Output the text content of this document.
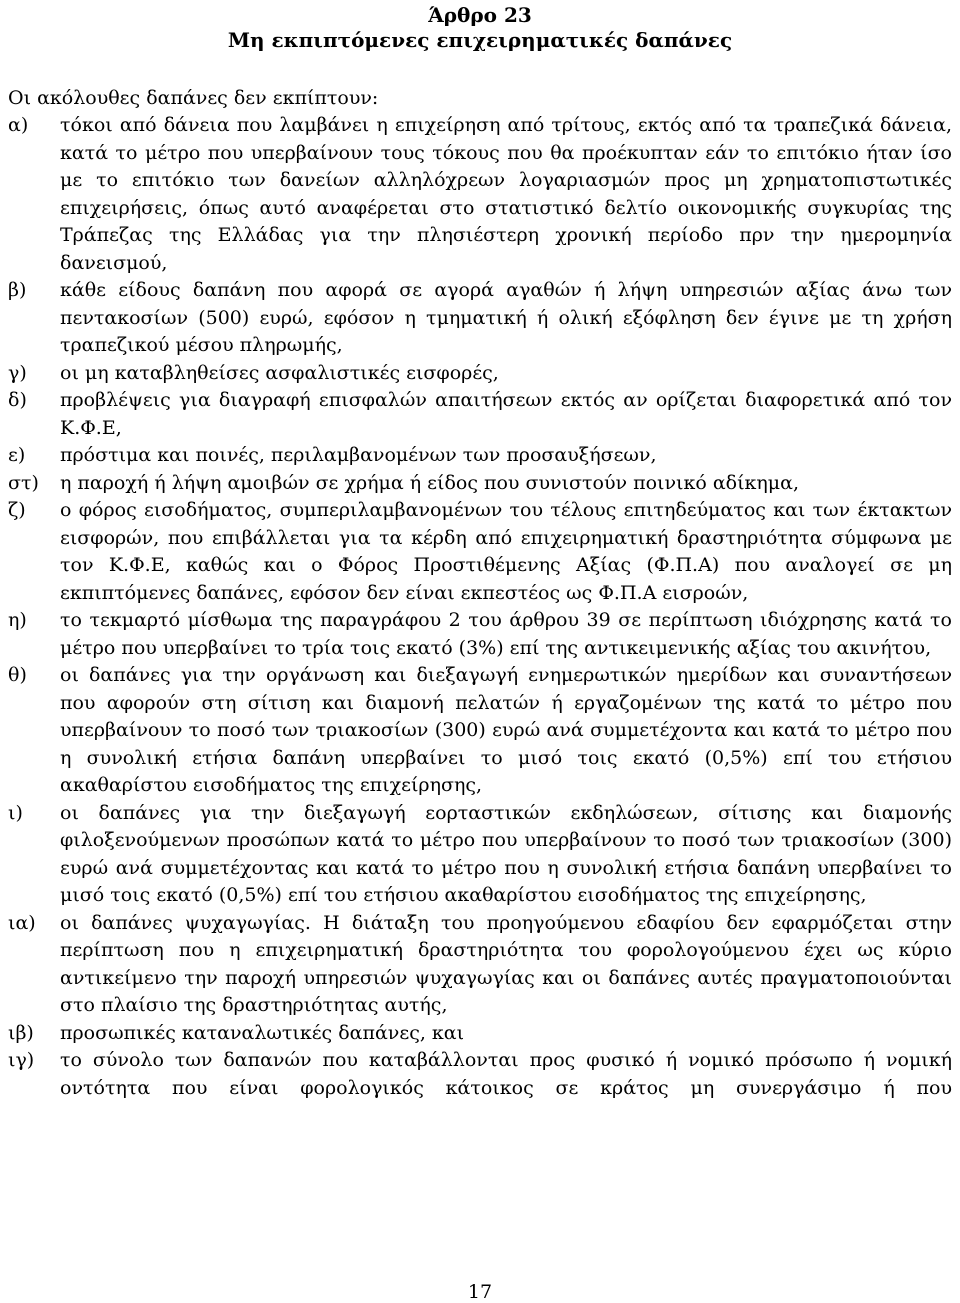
Άρθρο 23
Μη εκπιπτόμενες επιχειρηματικές δαπάνες
Οι ακόλουθες δαπάνες δεν εκπίπτουν:
α) τόκοι από δάνεια που λαμβάνει η επιχείρηση από τρίτους, εκτός από τα τραπεζικά δάνεια, κατά το μέτρο που υπερβαίνουν τους τόκους που θα προέκυπταν εάν το επιτόκιο ήταν ίσο με το επιτόκιο των δανείων αλληλόχρεων λογαριασμών προς μη χρηματοπιστωτικές επιχειρήσεις, όπως αυτό αναφέρεται στο στατιστικό δελτίο οικονομικής συγκυρίας της Τράπεζας της Ελλάδας για την πλησιέστερη χρονική περίοδο πρν την ημερομηνία δανεισμού,
β) κάθε είδους δαπάνη που αφορά σε αγορά αγαθών ή λήψη υπηρεσιών αξίας άνω των πεντακοσίων (500) ευρώ, εφόσον η τμηματική ή ολική εξόφληση δεν έγινε με τη χρήση τραπεζικού μέσου πληρωμής,
γ) οι μη καταβληθείσες ασφαλιστικές εισφορές,
δ) προβλέψεις για διαγραφή επισφαλών απαιτήσεων εκτός αν ορίζεται διαφορετικά από τον Κ.Φ.Ε,
ε) πρόστιμα και ποινές, περιλαμβανομένων των προσαυξήσεων,
στ) η παροχή ή λήψη αμοιβών σε χρήμα ή είδος που συνιστούν ποινικό αδίκημα,
ζ) ο φόρος εισοδήματος, συμπεριλαμβανομένων του τέλους επιτηδεύματος και των έκτακτων εισφορών, που επιβάλλεται για τα κέρδη από επιχειρηματική δραστηριότητα σύμφωνα με τον Κ.Φ.Ε, καθώς και ο Φόρος Προστιθέμενης Αξίας (Φ.Π.Α) που αναλογεί σε μη εκπιπτόμενες δαπάνες, εφόσον δεν είναι εκπεστέος ως Φ.Π.Α εισροών,
η) το τεκμαρτό μίσθωμα της παραγράφου 2 του άρθρου 39 σε περίπτωση ιδιόχρησης κατά το μέτρο που υπερβαίνει το τρία τοις εκατό (3%) επί της αντικειμενικής αξίας του ακινήτου,
θ) οι δαπάνες για την οργάνωση και διεξαγωγή ενημερωτικών ημερίδων και συναντήσεων που αφορούν στη σίτιση και διαμονή πελατών ή εργαζομένων της κατά το μέτρο που υπερβαίνουν το ποσό των τριακοσίων (300) ευρώ ανά συμμετέχοντα και κατά το μέτρο που η συνολική ετήσια δαπάνη υπερβαίνει το μισό τοις εκατό (0,5%) επί του ετήσιου ακαθαρίστου εισοδήματος της επιχείρησης,
ι) οι δαπάνες για την διεξαγωγή εορταστικών εκδηλώσεων, σίτισης και διαμονής φιλοξενούμενων προσώπων κατά το μέτρο που υπερβαίνουν το ποσό των τριακοσίων (300) ευρώ ανά συμμετέχοντας και κατά το μέτρο που η συνολική ετήσια δαπάνη υπερβαίνει το μισό τοις εκατό (0,5%) επί του ετήσιου ακαθαρίστου εισοδήματος της επιχείρησης,
ια) οι δαπάνες ψυχαγωγίας. Η διάταξη του προηγούμενου εδαφίου δεν εφαρμόζεται στην περίπτωση που η επιχειρηματική δραστηριότητα του φορολογούμενου έχει ως κύριο αντικείμενο την παροχή υπηρεσιών ψυχαγωγίας και οι δαπάνες αυτές πραγματοποιούνται στο πλαίσιο της δραστηριότητας αυτής,
ιβ) προσωπικές καταναλωτικές δαπάνες, και
ιγ) το σύνολο των δαπανών που καταβάλλονται προς φυσικό ή νομικό πρόσωπο ή νομική οντότητα που είναι φορολογικός κάτοικος σε κράτος μη συνεργάσιμο ή που
17
